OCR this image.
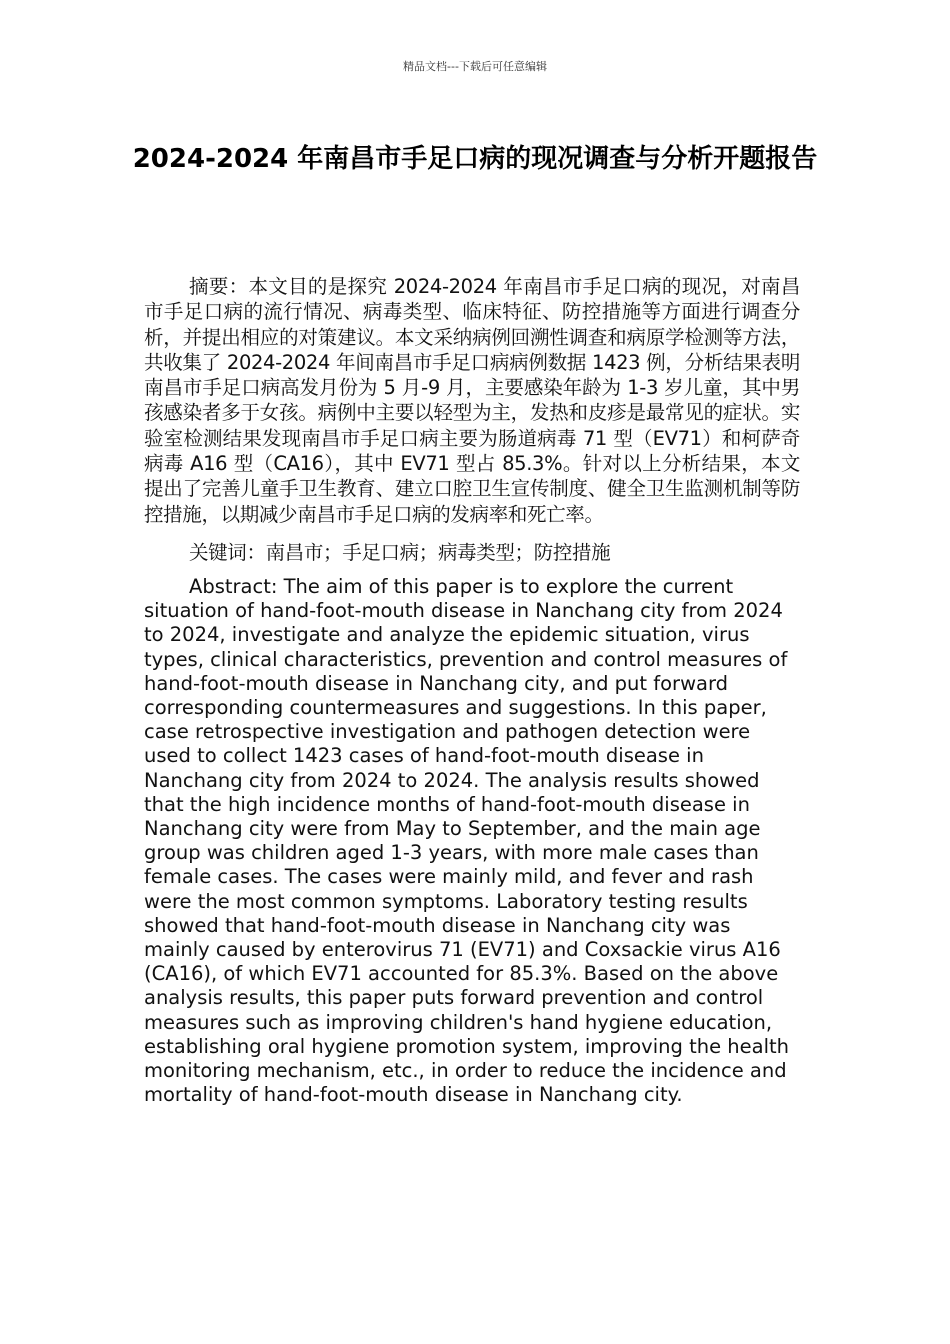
精品文档---下载后可任意编辑
2024-2024 年南昌市手足口病的现况调查与分析开题报告

摘要：本文目的是探究 2024-2024 年南昌市手足口病的现况，对南昌市手足口病的流行情况、病毒类型、临床特征、防控措施等方面进行调查分析，并提出相应的对策建议。本文采纳病例回溯性调查和病原学检测等方法，共收集了 2024-2024 年间南昌市手足口病病例数据 1423 例，分析结果表明南昌市手足口病高发月份为 5 月-9 月，主要感染年龄为 1-3 岁儿童，其中男孩感染者多于女孩。病例中主要以轻型为主，发热和皮疹是最常见的症状。实验室检测结果发现南昌市手足口病主要为肠道病毒 71 型（EV71）和柯萨奇病毒 A16 型（CA16），其中 EV71 型占 85.3%。针对以上分析结果，本文提出了完善儿童手卫生教育、建立口腔卫生宣传制度、健全卫生监测机制等防控措施，以期减少南昌市手足口病的发病率和死亡率。

关键词：南昌市；手足口病；病毒类型；防控措施

Abstract: The aim of this paper is to explore the current situation of hand-foot-mouth disease in Nanchang city from 2024 to 2024, investigate and analyze the epidemic situation, virus types, clinical characteristics, prevention and control measures of hand-foot-mouth disease in Nanchang city, and put forward corresponding countermeasures and suggestions. In this paper, case retrospective investigation and pathogen detection were used to collect 1423 cases of hand-foot-mouth disease in Nanchang city from 2024 to 2024. The analysis results showed that the high incidence months of hand-foot-mouth disease in Nanchang city were from May to September, and the main age group was children aged 1-3 years, with more male cases than female cases. The cases were mainly mild, and fever and rash were the most common symptoms. Laboratory testing results showed that hand-foot-mouth disease in Nanchang city was mainly caused by enterovirus 71 (EV71) and Coxsackie virus A16 (CA16), of which EV71 accounted for 85.3%. Based on the above analysis results, this paper puts forward prevention and control measures such as improving children's hand hygiene education, establishing oral hygiene promotion system, improving the health monitoring mechanism, etc., in order to reduce the incidence and mortality of hand-foot-mouth disease in Nanchang city.
